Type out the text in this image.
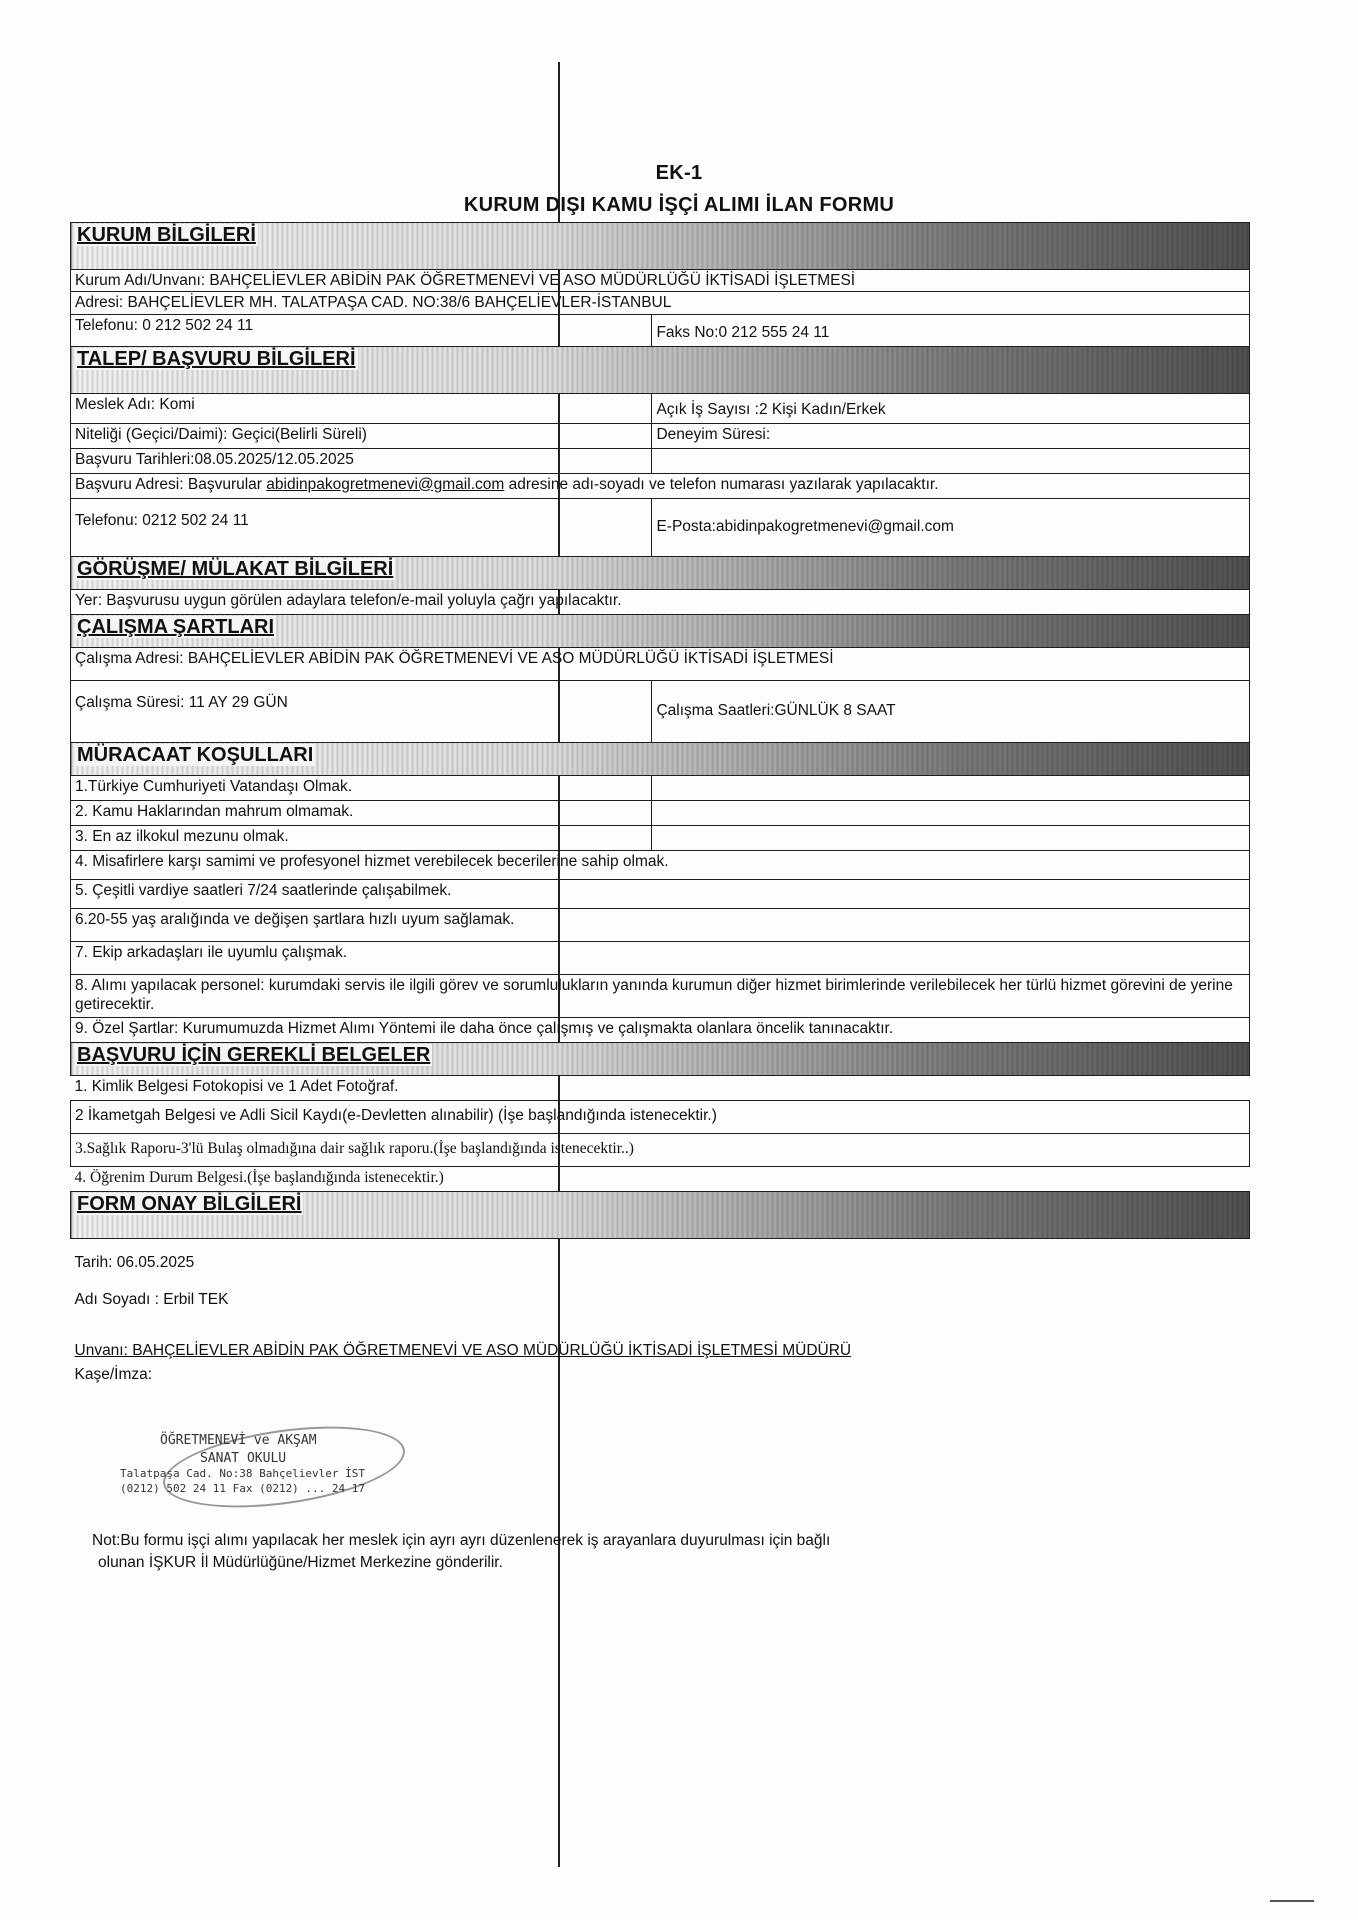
EK-1
KURUM DIŞI KAMU İŞÇİ ALIMI İLAN FORMU
KURUM BİLGİLERİ	
Kurum Adı/Unvanı: BAHÇELİEVLER ABİDİN PAK ÖĞRETMENEVİ VE ASO MÜDÜRLÜĞÜ İKTİSADİ İŞLETMESİ	
Adresi: BAHÇELİEVLER MH. TALATPAŞA CAD. NO:38/6 BAHÇELİEVLER-İSTANBUL	
Telefonu: 0 212 502 24 11	Faks No:0 212 555 24 11
TALEP/ BAŞVURU BİLGİLERİ	
Meslek Adı: Komi	Açık İş Sayısı :2 Kişi Kadın/Erkek
Niteliği (Geçici/Daimi): Geçici(Belirli Süreli)	Deneyim Süresi:
Başvuru Tarihleri:08.05.2025/12.05.2025	
Başvuru Adresi: Başvurular abidinpakogretmenevi@gmail.com adresine adı-soyadı ve telefon numarası yazılarak yapılacaktır.	
Telefonu: 0212 502 24 11	E-Posta:abidinpakogretmenevi@gmail.com
GÖRÜŞME/ MÜLAKAT BİLGİLERİ	
Yer: Başvurusu uygun görülen adaylara telefon/e-mail yoluyla çağrı yapılacaktır.	
ÇALIŞMA ŞARTLARI	
Çalışma Adresi: BAHÇELİEVLER ABİDİN PAK ÖĞRETMENEVİ VE ASO MÜDÜRLÜĞÜ İKTİSADİ İŞLETMESİ	
Çalışma Süresi: 11 AY 29 GÜN	Çalışma Saatleri:GÜNLÜK 8 SAAT
MÜRACAAT KOŞULLARI	
1.Türkiye Cumhuriyeti Vatandaşı Olmak.	
2. Kamu Haklarından mahrum olmamak.	
3. En az ilkokul mezunu olmak.	
4. Misafirlere karşı samimi ve profesyonel hizmet verebilecek becerilerine sahip olmak.	
5. Çeşitli vardiye saatleri 7/24 saatlerinde çalışabilmek.	
6.20-55 yaş aralığında ve değişen şartlara hızlı uyum sağlamak.	
7. Ekip arkadaşları ile uyumlu çalışmak.	
8. Alımı yapılacak personel: kurumdaki servis ile ilgili görev ve sorumlulukların yanında kurumun diğer hizmet birimlerinde verilebilecek her türlü hizmet görevini de yerine getirecektir.	
9. Özel Şartlar: Kurumumuzda Hizmet Alımı Yöntemi ile daha önce çalışmış ve çalışmakta olanlara öncelik tanınacaktır.	
BAŞVURU İÇİN GEREKLİ BELGELER	
1. Kimlik Belgesi Fotokopisi ve 1 Adet Fotoğraf.	
2 İkametgah Belgesi ve Adli Sicil Kaydı(e-Devletten alınabilir) (İşe başlandığında istenecektir.)	
3.Sağlık Raporu-3'lü Bulaş olmadığına dair sağlık raporu.(İşe başlandığında istenecektir..)	
4. Öğrenim Durum Belgesi.(İşe başlandığında istenecektir.)	
FORM ONAY BİLGİLERİ	
Tarih: 06.05.2025	
Adı Soyadı : Erbil TEK	
Unvanı: BAHÇELİEVLER ABİDİN PAK ÖĞRETMENEVİ VE ASO MÜDÜRLÜĞÜ İKTİSADİ İŞLETMESİ MÜDÜRÜ	
Kaşe/İmza:	
ÖĞRETMENEVİ ve AKŞAM
SANAT OKULU
Talatpaşa Cad. No:38 Bahçelievler İST
(0212) 502 24 11 Fax (0212) ... 24 17
Not:Bu formu işçi alımı yapılacak her meslek için ayrı ayrı düzenlenerek iş arayanlara duyurulması için bağlı
olunan İŞKUR İl Müdürlüğüne/Hizmet Merkezine gönderilir.
